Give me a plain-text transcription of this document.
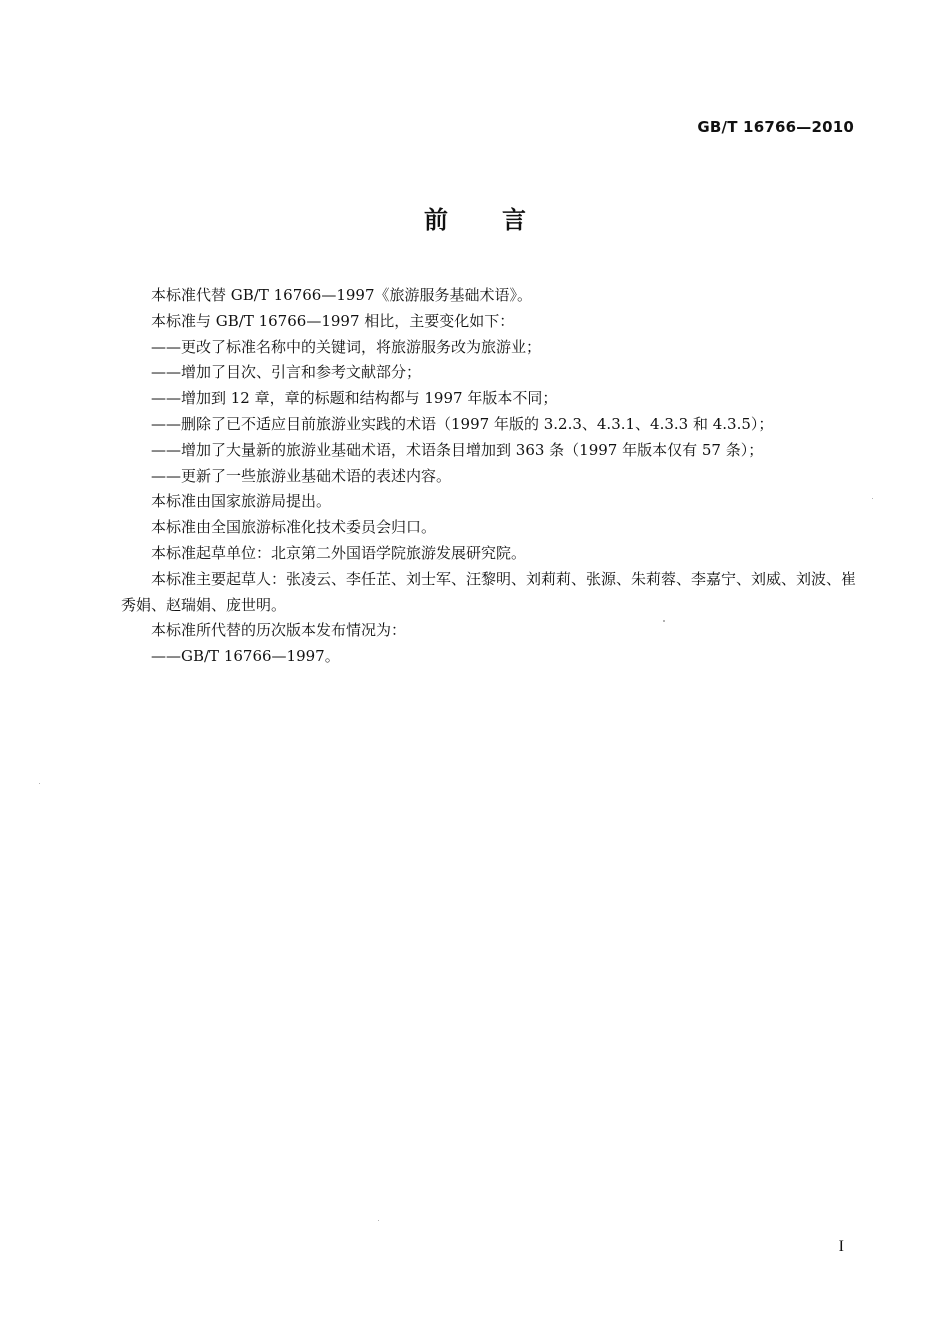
GB/T 16766—2010
前言

本标准代替 GB/T 16766—1997《旅游服务基础术语》。

本标准与 GB/T 16766—1997 相比，主要变化如下：

——更改了标准名称中的关键词，将旅游服务改为旅游业；

——增加了目次、引言和参考文献部分；

——增加到 12 章，章的标题和结构都与 1997 年版本不同；

——删除了已不适应目前旅游业实践的术语（1997 年版的 3.2.3、4.3.1、4.3.3 和 4.3.5）；

——增加了大量新的旅游业基础术语，术语条目增加到 363 条（1997 年版本仅有 57 条）；

——更新了一些旅游业基础术语的表述内容。

本标准由国家旅游局提出。

本标准由全国旅游标准化技术委员会归口。

本标准起草单位：北京第二外国语学院旅游发展研究院。

本标准主要起草人：张凌云、李任芷、刘士军、汪黎明、刘莉莉、张源、朱莉蓉、李嘉宁、刘威、刘波、崔秀娟、赵瑞娟、庞世明。

本标准所代替的历次版本发布情况为：

——GB/T 16766—1997。

I
